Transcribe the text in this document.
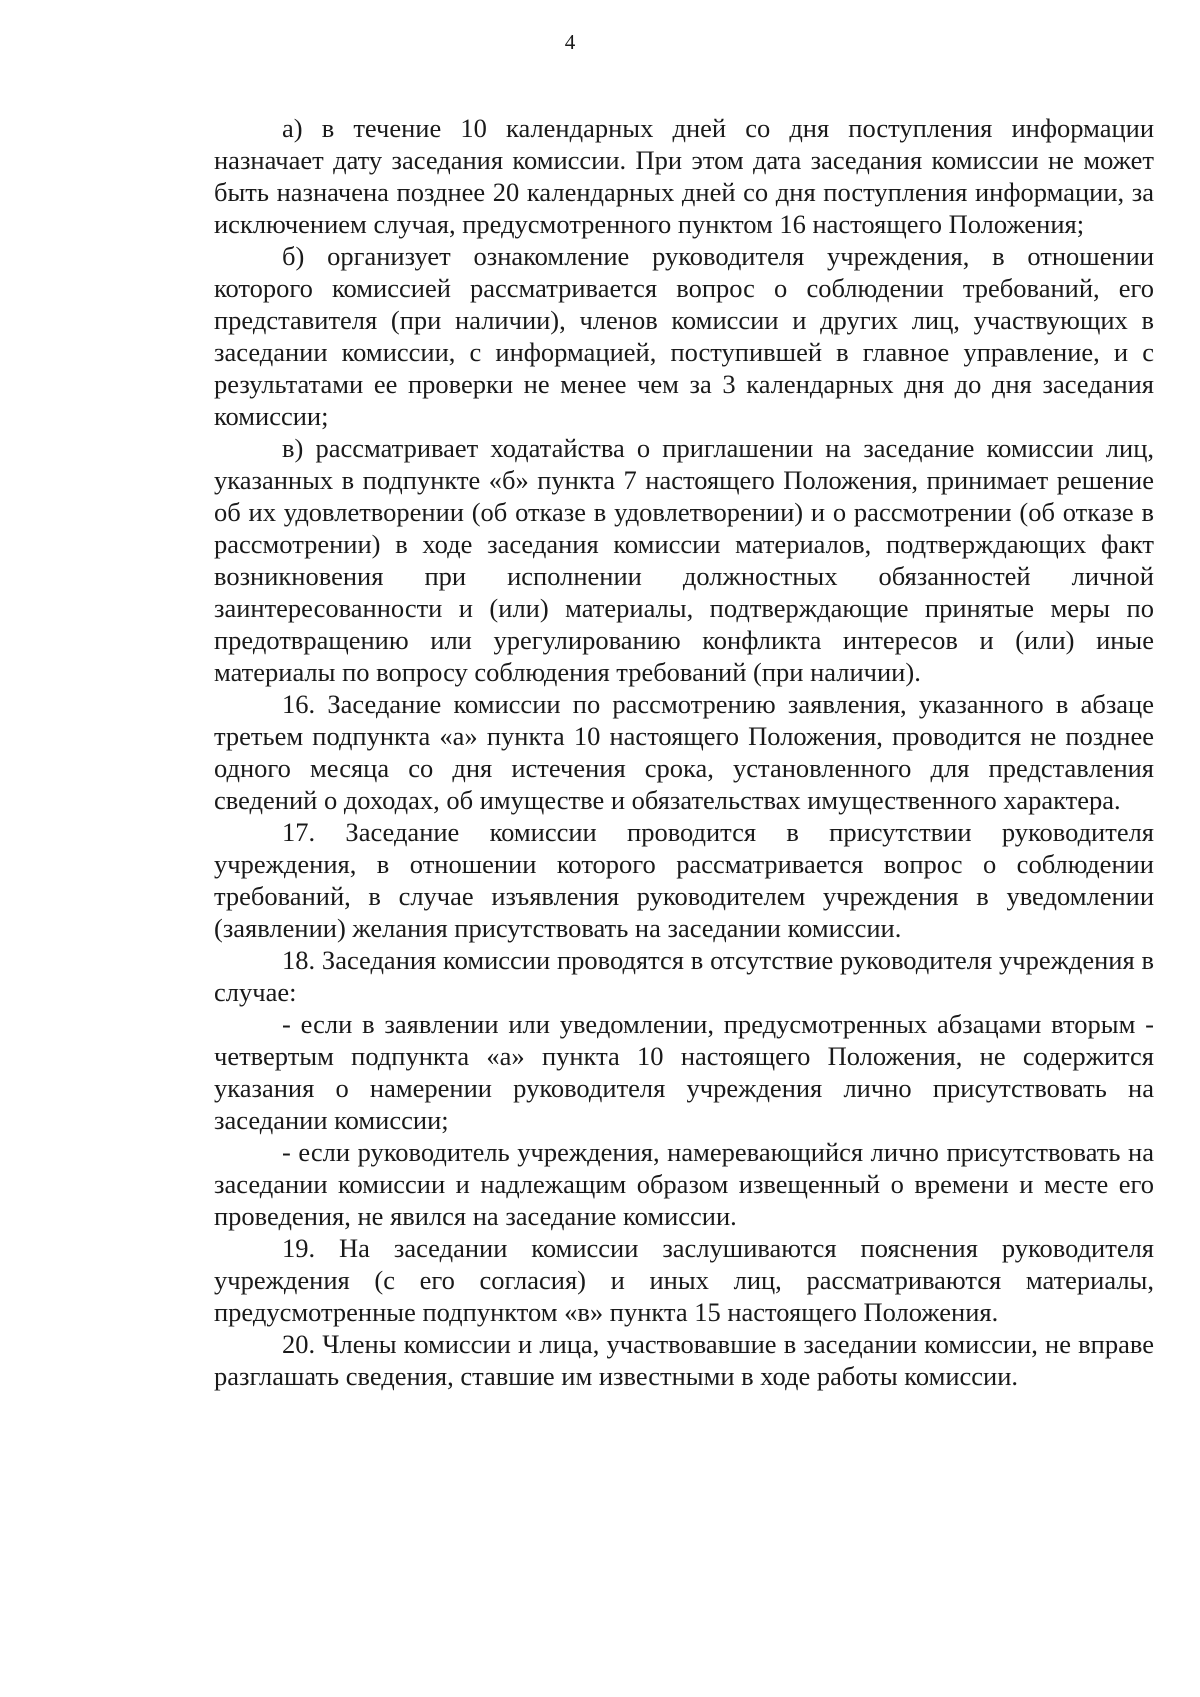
4

а) в течение 10 календарных дней со дня поступления информации назначает дату заседания комиссии. При этом дата заседания комиссии не может быть назначена позднее 20 календарных дней со дня поступления информации, за исключением случая, предусмотренного пунктом 16 настоящего Положения;

б) организует ознакомление руководителя учреждения, в отношении которого комиссией рассматривается вопрос о соблюдении требований, его представителя (при наличии), членов комиссии и других лиц, участвующих в заседании комиссии, с информацией, поступившей в главное управление, и с результатами ее проверки не менее чем за 3 календарных дня до дня заседания комиссии;

в) рассматривает ходатайства о приглашении на заседание комиссии лиц, указанных в подпункте «б» пункта 7 настоящего Положения, принимает решение об их удовлетворении (об отказе в удовлетворении) и о рассмотрении (об отказе в рассмотрении) в ходе заседания комиссии материалов, подтверждающих факт возникновения при исполнении должностных обязанностей личной заинтересованности и (или) материалы, подтверждающие принятые меры по предотвращению или урегулированию конфликта интересов и (или) иные материалы по вопросу соблюдения требований (при наличии).

16. Заседание комиссии по рассмотрению заявления, указанного в абзаце третьем подпункта «а» пункта 10 настоящего Положения, проводится не позднее одного месяца со дня истечения срока, установленного для представления сведений о доходах, об имуществе и обязательствах имущественного характера.

17. Заседание комиссии проводится в присутствии руководителя учреждения, в отношении которого рассматривается вопрос о соблюдении требований, в случае изъявления руководителем учреждения в уведомлении (заявлении) желания присутствовать на заседании комиссии.

18. Заседания комиссии проводятся в отсутствие руководителя учреждения в случае:

- если в заявлении или уведомлении, предусмотренных абзацами вторым - четвертым подпункта «а» пункта 10 настоящего Положения, не содержится указания о намерении руководителя учреждения лично присутствовать на заседании комиссии;

- если руководитель учреждения, намеревающийся лично присутствовать на заседании комиссии и надлежащим образом извещенный о времени и месте его проведения, не явился на заседание комиссии.

19. На заседании комиссии заслушиваются пояснения руководителя учреждения (с его согласия) и иных лиц, рассматриваются материалы, предусмотренные подпунктом «в» пункта 15 настоящего Положения.

20. Члены комиссии и лица, участвовавшие в заседании комиссии, не вправе разглашать сведения, ставшие им известными в ходе работы комиссии.
